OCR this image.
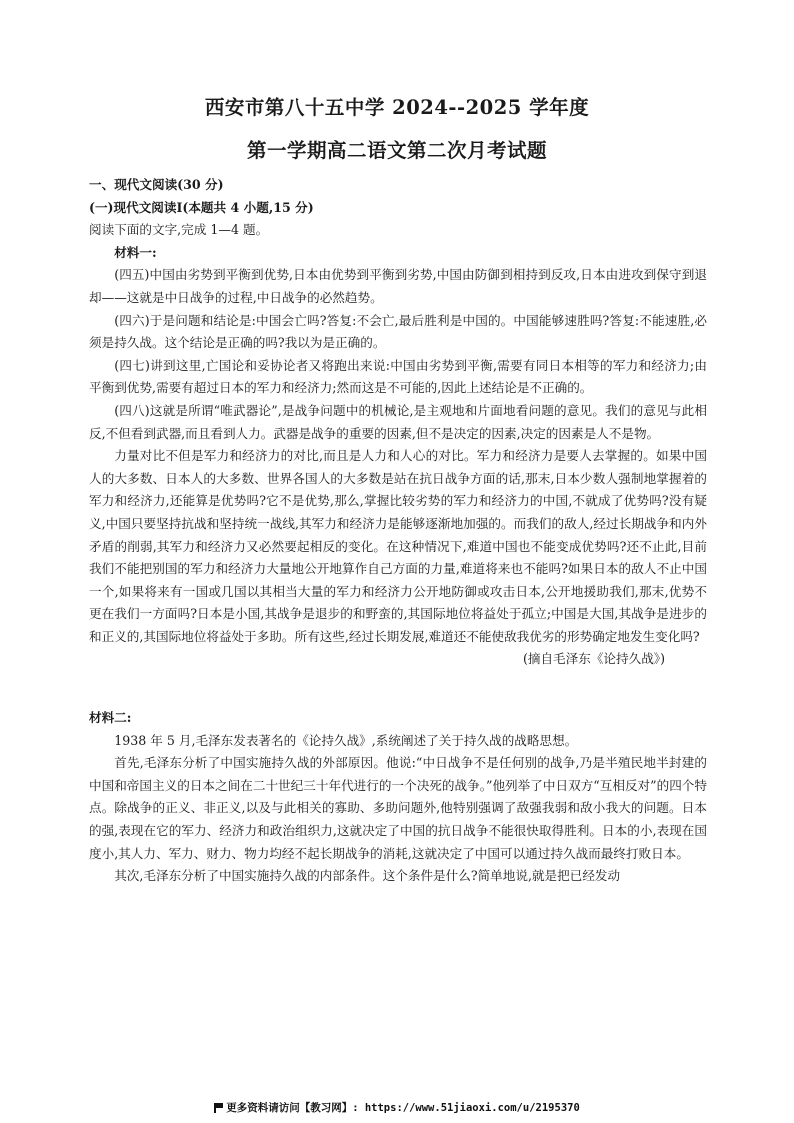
西安市第八十五中学 2024--2025 学年度
第一学期高二语文第二次月考试题

一、现代文阅读(30 分)

(一)现代文阅读Ⅰ(本题共 4 小题,15 分)

阅读下面的文字,完成 1—4 题。

材料一:

(四五)中国由劣势到平衡到优势,日本由优势到平衡到劣势,中国由防御到相持到反攻,日本由进攻到保守到退却——这就是中日战争的过程,中日战争的必然趋势。

(四六)于是问题和结论是:中国会亡吗?答复:不会亡,最后胜利是中国的。中国能够速胜吗?答复:不能速胜,必须是持久战。这个结论是正确的吗?我以为是正确的。

(四七)讲到这里,亡国论和妥协论者又将跑出来说:中国由劣势到平衡,需要有同日本相等的军力和经济力;由平衡到优势,需要有超过日本的军力和经济力;然而这是不可能的,因此上述结论是不正确的。

(四八)这就是所谓“唯武器论”,是战争问题中的机械论,是主观地和片面地看问题的意见。我们的意见与此相反,不但看到武器,而且看到人力。武器是战争的重要的因素,但不是决定的因素,决定的因素是人不是物。

力量对比不但是军力和经济力的对比,而且是人力和人心的对比。军力和经济力是要人去掌握的。如果中国人的大多数、日本人的大多数、世界各国人的大多数是站在抗日战争方面的话,那末,日本少数人强制地掌握着的军力和经济力,还能算是优势吗?它不是优势,那么,掌握比较劣势的军力和经济力的中国,不就成了优势吗?没有疑义,中国只要坚持抗战和坚持统一战线,其军力和经济力是能够逐渐地加强的。而我们的敌人,经过长期战争和内外矛盾的削弱,其军力和经济力又必然要起相反的变化。在这种情况下,难道中国也不能变成优势吗?还不止此,目前我们不能把别国的军力和经济力大量地公开地算作自己方面的力量,难道将来也不能吗?如果日本的敌人不止中国一个,如果将来有一国或几国以其相当大量的军力和经济力公开地防御或攻击日本,公开地援助我们,那末,优势不更在我们一方面吗?日本是小国,其战争是退步的和野蛮的,其国际地位将益处于孤立;中国是大国,其战争是进步的和正义的,其国际地位将益处于多助。所有这些,经过长期发展,难道还不能使敌我优劣的形势确定地发生变化吗?

(摘自毛泽东《论持久战》)

材料二:

1938 年 5 月,毛泽东发表著名的《论持久战》,系统阐述了关于持久战的战略思想。

首先,毛泽东分析了中国实施持久战的外部原因。他说:“中日战争不是任何别的战争,乃是半殖民地半封建的中国和帝国主义的日本之间在二十世纪三十年代进行的一个决死的战争。”他列举了中日双方“互相反对”的四个特点。除战争的正义、非正义,以及与此相关的寡助、多助问题外,他特别强调了敌强我弱和敌小我大的问题。日本的强,表现在它的军力、经济力和政治组织力,这就决定了中国的抗日战争不能很快取得胜利。日本的小,表现在国度小,其人力、军力、财力、物力均经不起长期战争的消耗,这就决定了中国可以通过持久战而最终打败日本。

其次,毛泽东分析了中国实施持久战的内部条件。这个条件是什么?简单地说,就是把已经发动

更多资料请访问【教习网】: https://www.51jiaoxi.com/u/2195370
